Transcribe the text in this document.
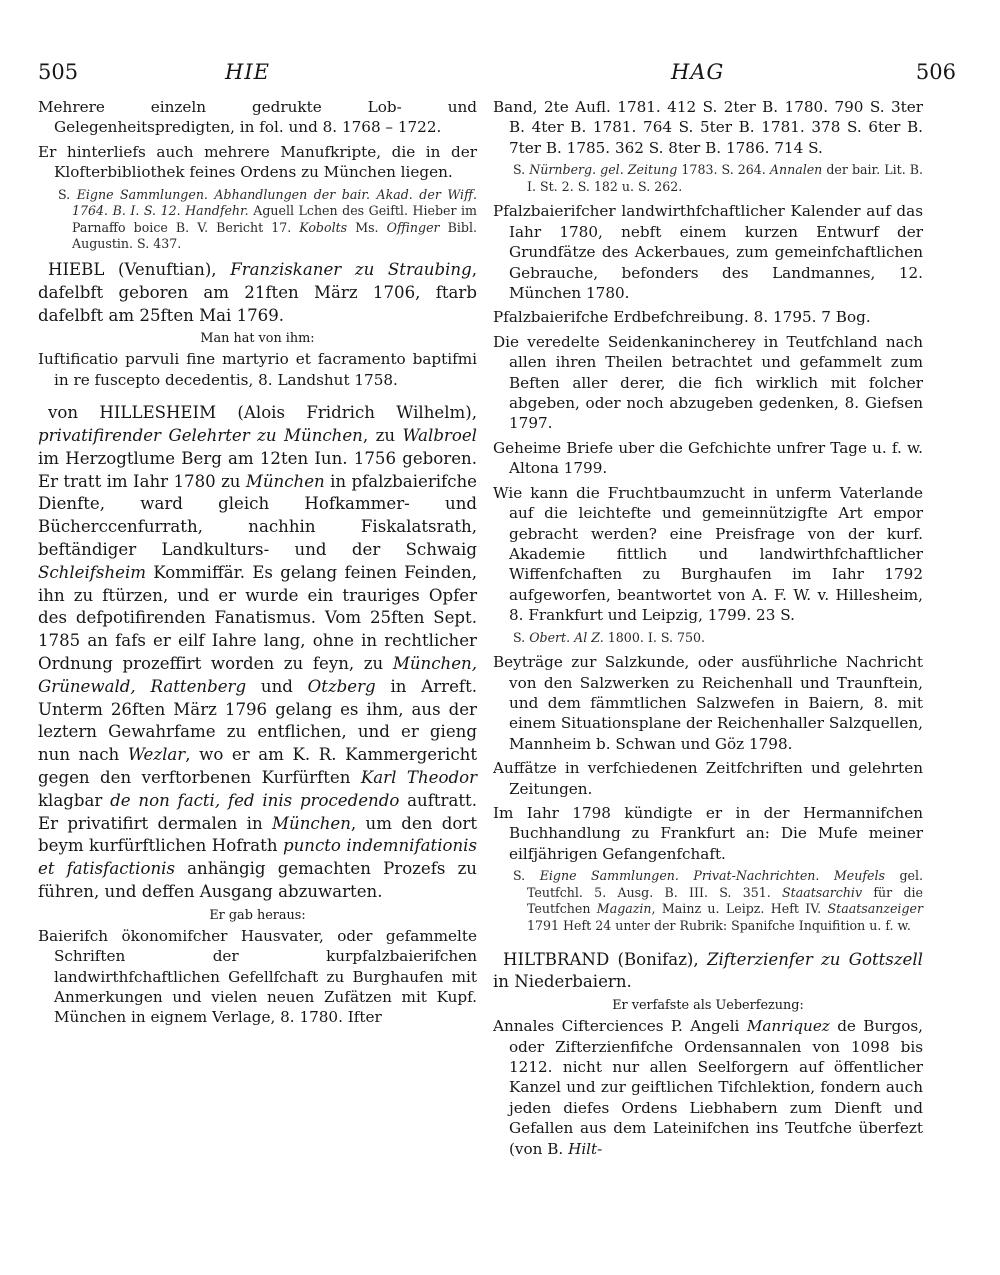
505	HIE	HAG	506

Mehrere einzeln gedrukte Lob- und Gelegenheitspredigten, in fol. und 8. 1768 – 1722.

Er hinterliefs auch mehrere Manufkripte, die in der Klofterbibliothek feines Ordens zu München liegen.

S. Eigne Sammlungen. Abhandlungen der bair. Akad. der Wiff. 1764. B. I. S. 12. Handfehr. Aguell Lchen des Geiftl. Hieber im Parnaffo boice B. V. Bericht 17. Kobolts Ms. Offinger Bibl. Augustin. S. 437.

HIEBL (Venuftian), Franziskaner zu Straubing, dafelbft geboren am 21ften März 1706, ftarb dafelbft am 25ften Mai 1769.

Man hat von ihm:

Iuftificatio parvuli fine martyrio et facramento baptifmi in re fuscepto decedentis, 8. Landshut 1758.

von HILLESHEIM (Alois Fridrich Wilhelm), privatifirender Gelehrter zu München, zu Walbroel im Herzogtlume Berg am 12ten Iun. 1756 geboren. Er tratt im Iahr 1780 zu München in pfalzbaierifche Dienfte, ward gleich Hofkammer- und Bücherccenfurrath, nachhin Fiskalatsrath, beftändiger Landkulturs- und der Schwaig Schleifsheim Kommiffär. Es gelang feinen Feinden, ihn zu ftürzen, und er wurde ein trauriges Opfer des defpotifirenden Fanatismus. Vom 25ften Sept. 1785 an fafs er eilf Iahre lang, ohne in rechtlicher Ordnung prozeffirt worden zu feyn, zu München, Grünewald, Rattenberg und Otzberg in Arreft. Unterm 26ften März 1796 gelang es ihm, aus der leztern Gewahrfame zu entflichen, und er gieng nun nach Wezlar, wo er am K. R. Kammergericht gegen den verftorbenen Kurfürften Karl Theodor klagbar de non facti, fed inis procedendo auftratt. Er privatifirt dermalen in München, um den dort beym kurfürftlichen Hofrath puncto indemnifationis et fatisfactionis anhängig gemachten Prozefs zu führen, und deffen Ausgang abzuwarten.

Er gab heraus:

Baierifch ökonomifcher Hausvater, oder gefammelte Schriften der kurpfalzbaierifchen landwirthfchaftlichen Gefellfchaft zu Burghaufen mit Anmerkungen und vielen neuen Zufätzen mit Kupf. München in eignem Verlage, 8. 1780. Ifter

Band, 2te Aufl. 1781. 412 S. 2ter B. 1780. 790 S. 3ter B. 4ter B. 1781. 764 S. 5ter B. 1781. 378 S. 6ter B. 7ter B. 1785. 362 S. 8ter B. 1786. 714 S.

S. Nürnberg. gel. Zeitung 1783. S. 264. Annalen der bair. Lit. B. I. St. 2. S. 182 u. S. 262.

Pfalzbaierifcher landwirthfchaftlicher Kalender auf das Iahr 1780, nebft einem kurzen Entwurf der Grundfätze des Ackerbaues, zum gemeinfchaftlichen Gebrauche, befonders des Landmannes, 12. München 1780.

Pfalzbaierifche Erdbefchreibung. 8. 1795. 7 Bog.

Die veredelte Seidenkanincherey in Teutfchland nach allen ihren Theilen betrachtet und gefammelt zum Beften aller derer, die fich wirklich mit folcher abgeben, oder noch abzugeben gedenken, 8. Giefsen 1797.

Geheime Briefe uber die Gefchichte unfrer Tage u. f. w. Altona 1799.

Wie kann die Fruchtbaumzucht in unferm Vaterlande auf die leichtefte und gemeinnützigfte Art empor gebracht werden? eine Preisfrage von der kurf. Akademie fittlich und landwirthfchaftlicher Wiffenfchaften zu Burghaufen im Iahr 1792 aufgeworfen, beantwortet von A. F. W. v. Hillesheim, 8. Frankfurt und Leipzig, 1799. 23 S.

S. Obert. Al Z. 1800. I. S. 750.

Beyträge zur Salzkunde, oder ausführliche Nachricht von den Salzwerken zu Reichenhall und Traunftein, und dem fämmtlichen Salzwefen in Baiern, 8. mit einem Situationsplane der Reichenhaller Salzquellen, Mannheim b. Schwan und Göz 1798.

Auffätze in verfchiedenen Zeitfchriften und gelehrten Zeitungen.

Im Iahr 1798 kündigte er in der Hermannifchen Buchhandlung zu Frankfurt an: Die Mufe meiner eilfjährigen Gefangenfchaft.

S. Eigne Sammlungen. Privat-Nachrichten. Meufels gel. Teutfchl. 5. Ausg. B. III. S. 351. Staatsarchiv für die Teutfchen Magazin, Mainz u. Leipz. Heft IV. Staatsanzeiger 1791 Heft 24 unter der Rubrik: Spanifche Inquifition u. f. w.

HILTBRAND (Bonifaz), Zifterzienfer zu Gottszell in Niederbaiern.

Er verfafste als Ueberfezung:

Annales Cifterciences P. Angeli Manriquez de Burgos, oder Zifterzienfifche Ordensannalen von 1098 bis 1212. nicht nur allen Seelforgern auf öffentlicher Kanzel und zur geiftlichen Tifchlektion, fondern auch jeden diefes Ordens Liebhabern zum Dienft und Gefallen aus dem Lateinifchen ins Teutfche überfezt (von B. Hilt-
